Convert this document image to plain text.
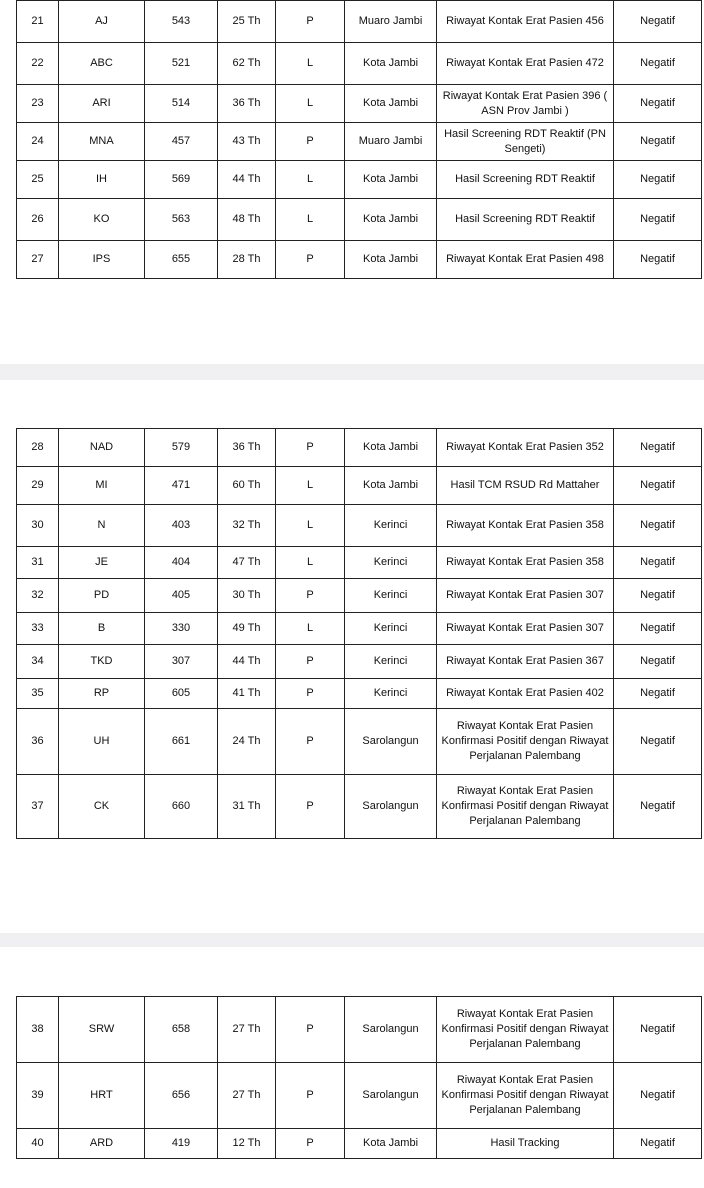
21	AJ	543	25 Th	P	Muaro Jambi	Riwayat Kontak Erat Pasien 456	Negatif
22	ABC	521	62 Th	L	Kota Jambi	Riwayat Kontak Erat Pasien 472	Negatif
23	ARI	514	36 Th	L	Kota Jambi	Riwayat Kontak Erat Pasien 396 ( ASN Prov Jambi )	Negatif
24	MNA	457	43 Th	P	Muaro Jambi	Hasil Screening RDT Reaktif (PN Sengeti)	Negatif
25	IH	569	44 Th	L	Kota Jambi	Hasil Screening RDT Reaktif	Negatif
26	KO	563	48 Th	L	Kota Jambi	Hasil Screening RDT Reaktif	Negatif
27	IPS	655	28 Th	P	Kota Jambi	Riwayat Kontak Erat Pasien 498	Negatif
28	NAD	579	36 Th	P	Kota Jambi	Riwayat Kontak Erat Pasien 352	Negatif
29	MI	471	60 Th	L	Kota Jambi	Hasil TCM RSUD Rd Mattaher	Negatif
30	N	403	32 Th	L	Kerinci	Riwayat Kontak Erat Pasien 358	Negatif
31	JE	404	47 Th	L	Kerinci	Riwayat Kontak Erat Pasien 358	Negatif
32	PD	405	30 Th	P	Kerinci	Riwayat Kontak Erat Pasien 307	Negatif
33	B	330	49 Th	L	Kerinci	Riwayat Kontak Erat Pasien 307	Negatif
34	TKD	307	44 Th	P	Kerinci	Riwayat Kontak Erat Pasien 367	Negatif
35	RP	605	41 Th	P	Kerinci	Riwayat Kontak Erat Pasien 402	Negatif
36	UH	661	24 Th	P	Sarolangun	Riwayat Kontak Erat Pasien Konfirmasi Positif dengan Riwayat Perjalanan Palembang	Negatif
37	CK	660	31 Th	P	Sarolangun	Riwayat Kontak Erat Pasien Konfirmasi Positif dengan Riwayat Perjalanan Palembang	Negatif
38	SRW	658	27 Th	P	Sarolangun	Riwayat Kontak Erat Pasien Konfirmasi Positif dengan Riwayat Perjalanan Palembang	Negatif
39	HRT	656	27 Th	P	Sarolangun	Riwayat Kontak Erat Pasien Konfirmasi Positif dengan Riwayat Perjalanan Palembang	Negatif
40	ARD	419	12 Th	P	Kota Jambi	Hasil Tracking	Negatif
